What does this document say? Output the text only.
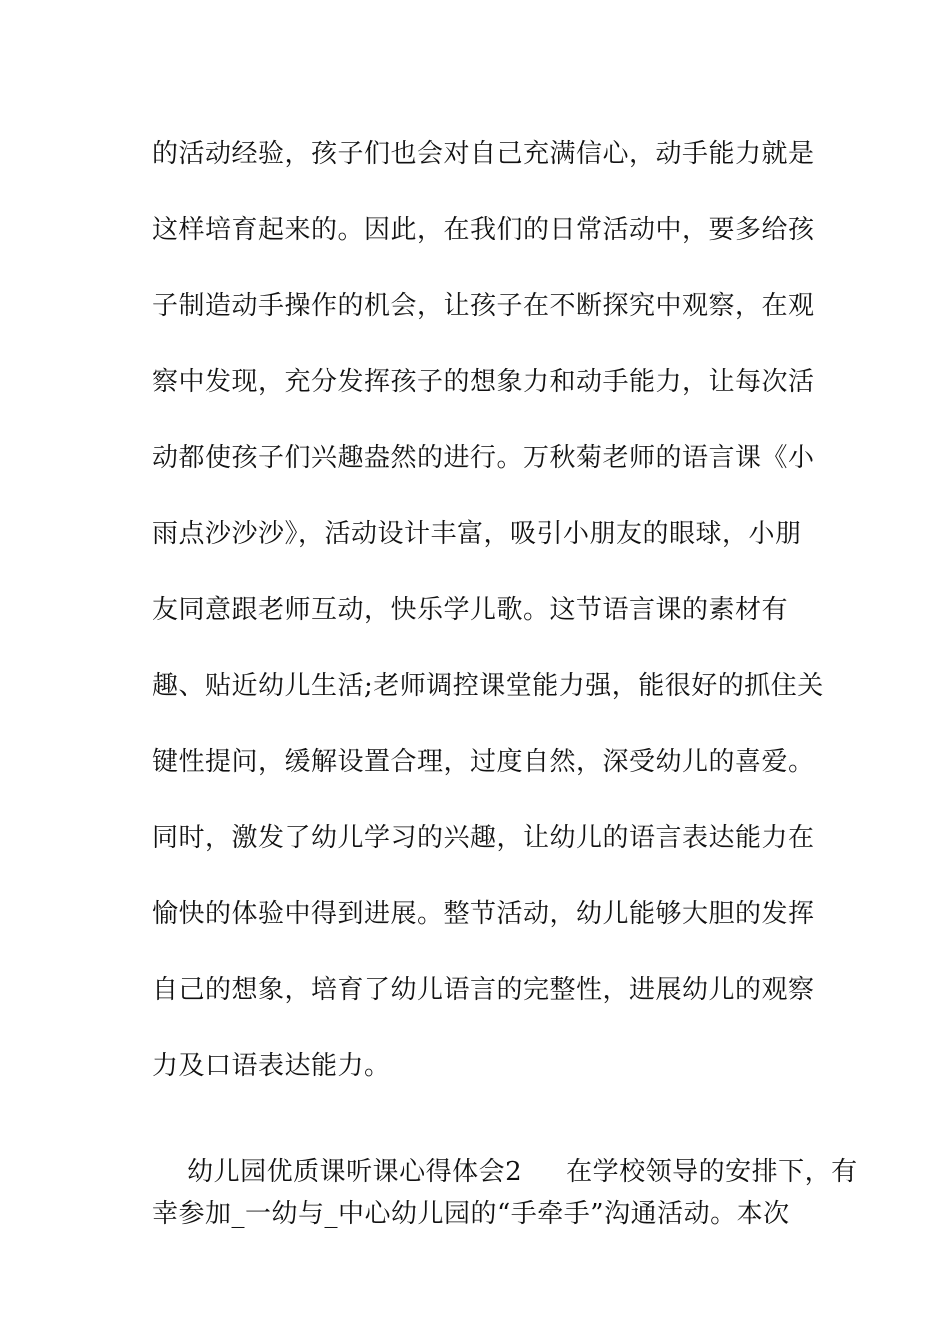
的活动经验，孩子们也会对自己充满信心，动手能力就是
这样培育起来的。因此，在我们的日常活动中，要多给孩
子制造动手操作的机会，让孩子在不断探究中观察，在观
察中发现，充分发挥孩子的想象力和动手能力，让每次活
动都使孩子们兴趣盎然的进行。万秋菊老师的语言课《小
雨点沙沙沙》，活动设计丰富，吸引小朋友的眼球，小朋
友同意跟老师互动，快乐学儿歌。这节语言课的素材有
趣、贴近幼儿生活;老师调控课堂能力强，能很好的抓住关
键性提问，缓解设置合理，过度自然，深受幼儿的喜爱。
同时，激发了幼儿学习的兴趣，让幼儿的语言表达能力在
愉快的体验中得到进展。整节活动，幼儿能够大胆的发挥
自己的想象，培育了幼儿语言的完整性，进展幼儿的观察
力及口语表达能力。

幼儿园优质课听课心得体会2 在学校领导的安排下，有

幸参加_一幼与_中心幼儿园的“手牵手”沟通活动。本次
